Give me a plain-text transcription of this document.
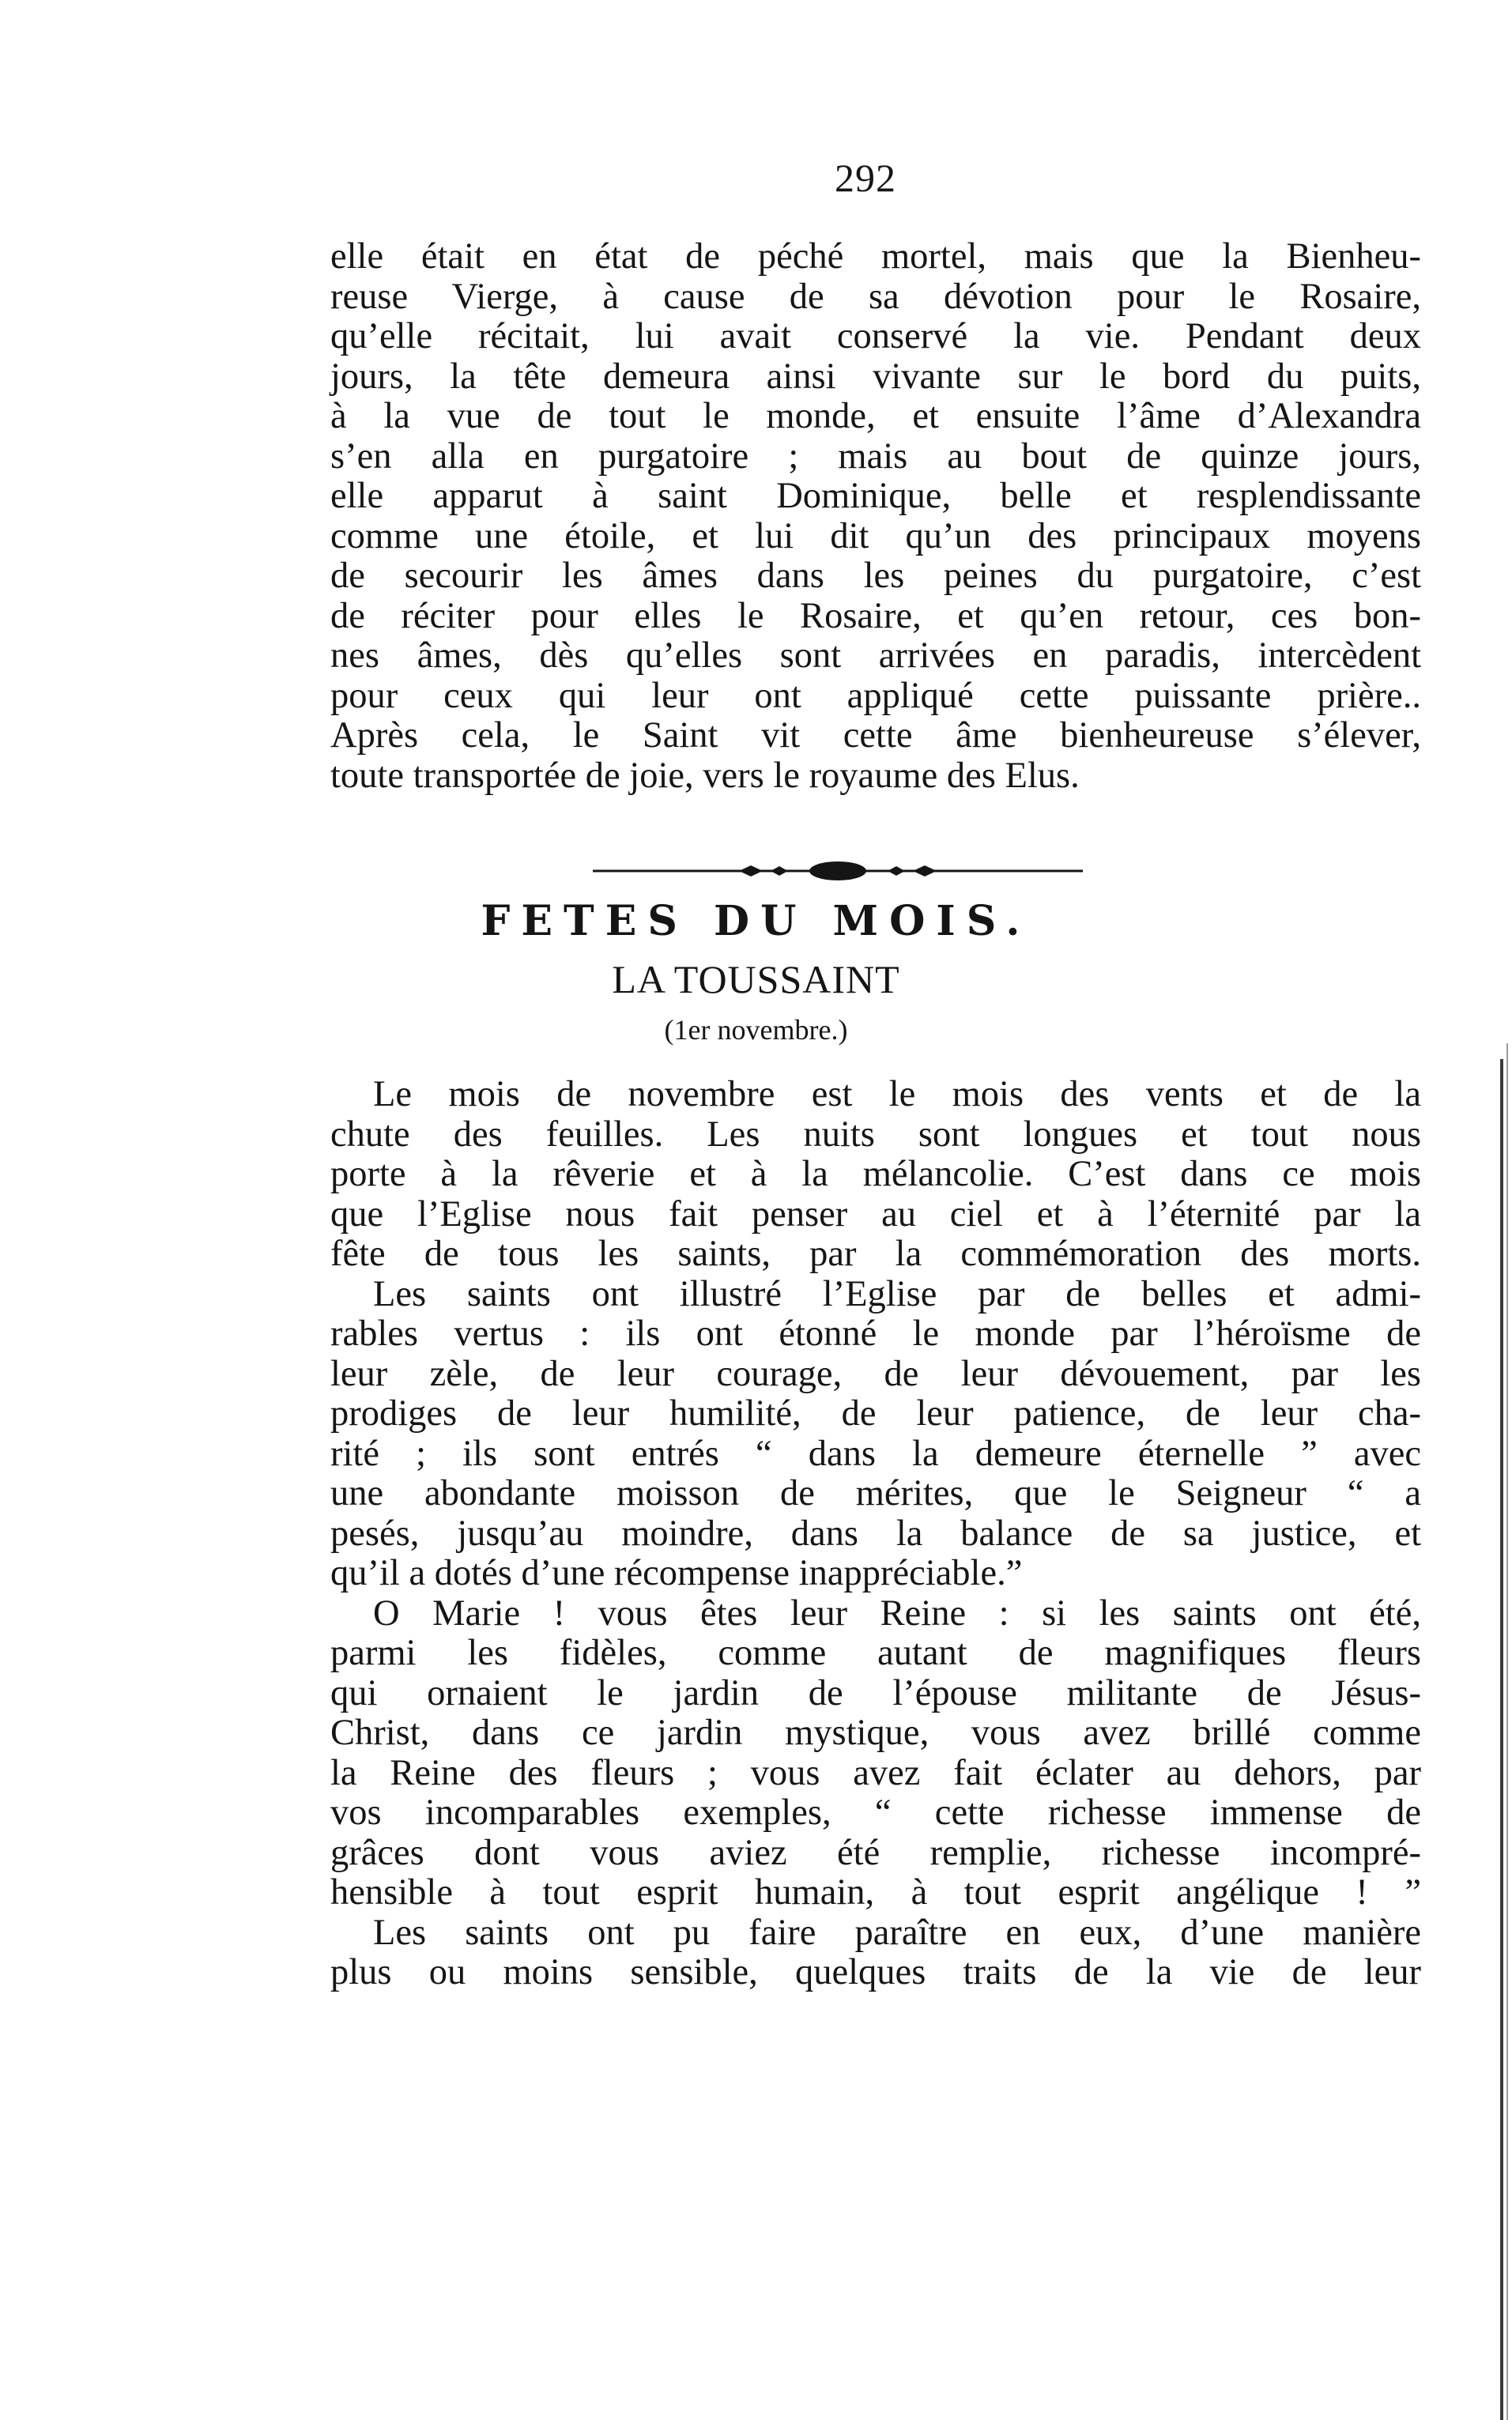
292
elle était en état de péché mortel, mais que la Bienheu-
reuse Vierge, à cause de sa dévotion pour le Rosaire,
qu’elle récitait, lui avait conservé la vie. Pendant deux
jours, la tête demeura ainsi vivante sur le bord du puits,
à la vue de tout le monde, et ensuite l’âme d’Alexandra
s’en alla en purgatoire ; mais au bout de quinze jours,
elle apparut à saint Dominique, belle et resplendissante
comme une étoile, et lui dit qu’un des principaux moyens
de secourir les âmes dans les peines du purgatoire, c’est
de réciter pour elles le Rosaire, et qu’en retour, ces bon-
nes âmes, dès qu’elles sont arrivées en paradis, intercèdent
pour ceux qui leur ont appliqué cette puissante prière..
Après cela, le Saint vit cette âme bienheureuse s’élever,
toute transportée de joie, vers le royaume des Elus.
FETES DU MOIS.
LA TOUSSAINT
(1er novembre.)
Le mois de novembre est le mois des vents et de la
chute des feuilles. Les nuits sont longues et tout nous
porte à la rêverie et à la mélancolie. C’est dans ce mois
que l’Eglise nous fait penser au ciel et à l’éternité par la
fête de tous les saints, par la commémoration des morts.
Les saints ont illustré l’Eglise par de belles et admi-
rables vertus : ils ont étonné le monde par l’héroïsme de
leur zèle, de leur courage, de leur dévouement, par les
prodiges de leur humilité, de leur patience, de leur cha-
rité ; ils sont entrés “ dans la demeure éternelle ” avec
une abondante moisson de mérites, que le Seigneur “ a
pesés, jusqu’au moindre, dans la balance de sa justice, et
qu’il a dotés d’une récompense inappréciable.”
O Marie ! vous êtes leur Reine : si les saints ont été,
parmi les fidèles, comme autant de magnifiques fleurs
qui ornaient le jardin de l’épouse militante de Jésus-
Christ, dans ce jardin mystique, vous avez brillé comme
la Reine des fleurs ; vous avez fait éclater au dehors, par
vos incomparables exemples, “ cette richesse immense de
grâces dont vous aviez été remplie, richesse incompré-
hensible à tout esprit humain, à tout esprit angélique ! ”
Les saints ont pu faire paraître en eux, d’une manière
plus ou moins sensible, quelques traits de la vie de leur
